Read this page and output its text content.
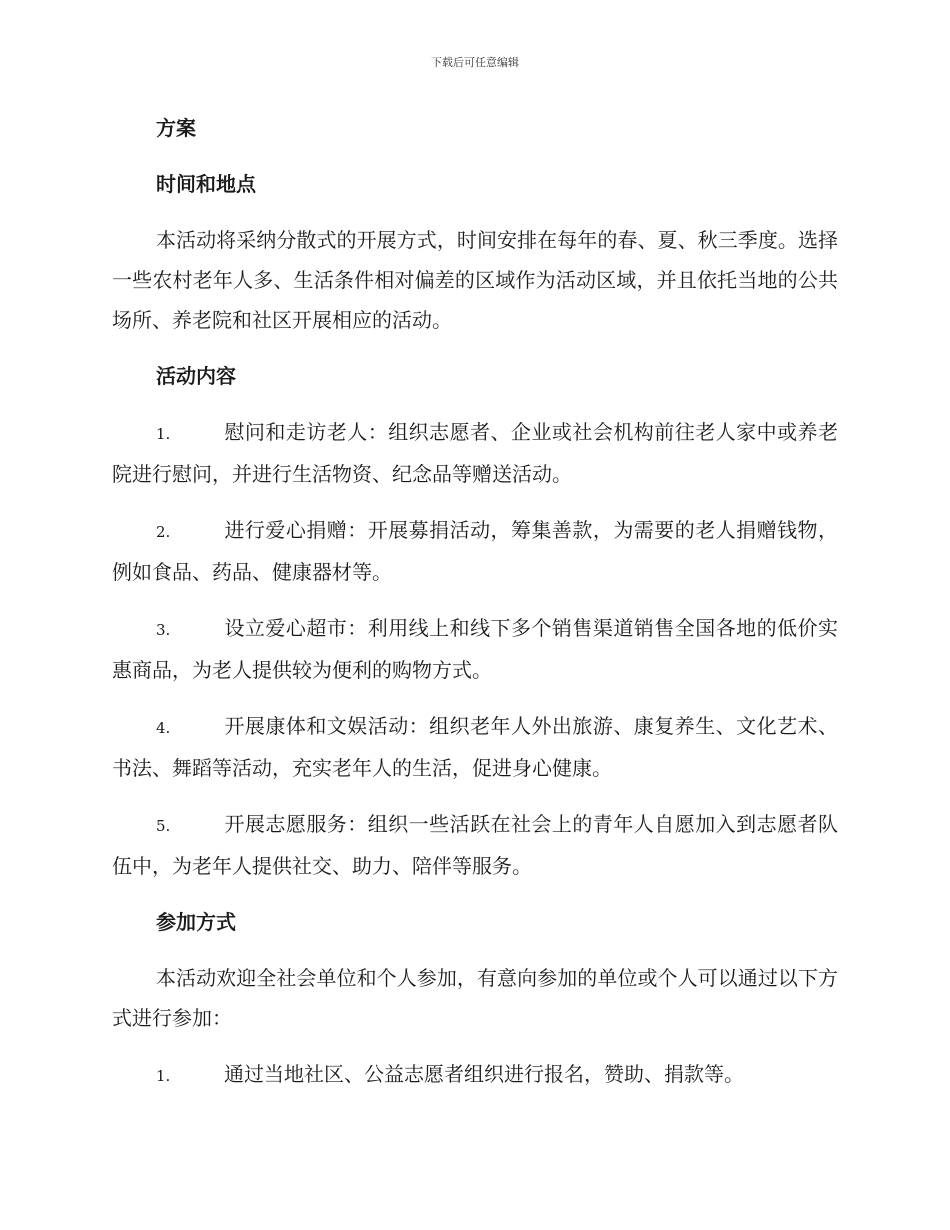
下载后可任意编辑
方案
时间和地点

本活动将采纳分散式的开展方式，时间安排在每年的春、夏、秋三季度。选择一些农村老年人多、生活条件相对偏差的区域作为活动区域，并且依托当地的公共场所、养老院和社区开展相应的活动。

活动内容

1.	慰问和走访老人：组织志愿者、企业或社会机构前往老人家中或养老院进行慰问，并进行生活物资、纪念品等赠送活动。

2.	进行爱心捐赠：开展募捐活动，筹集善款，为需要的老人捐赠钱物，例如食品、药品、健康器材等。

3.	设立爱心超市：利用线上和线下多个销售渠道销售全国各地的低价实惠商品，为老人提供较为便利的购物方式。

4.	开展康体和文娱活动：组织老年人外出旅游、康复养生、文化艺术、书法、舞蹈等活动，充实老年人的生活，促进身心健康。

5.	开展志愿服务：组织一些活跃在社会上的青年人自愿加入到志愿者队伍中，为老年人提供社交、助力、陪伴等服务。

参加方式

本活动欢迎全社会单位和个人参加，有意向参加的单位或个人可以通过以下方式进行参加：

1.	通过当地社区、公益志愿者组织进行报名，赞助、捐款等。
